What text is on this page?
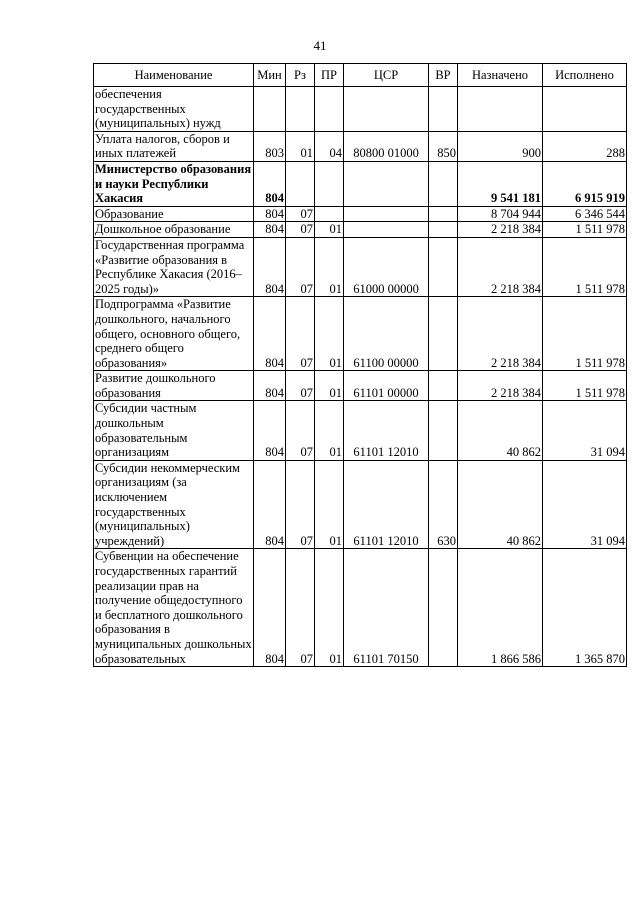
41
Наименование	Мин	Рз	ПР	ЦСР	ВР	Назначено	Исполнено
обеспечения государственных (муниципальных) нужд							
Уплата налогов, сборов и иных платежей	803	01	04	80800 01000	850	900	288
Министерство образования и науки Республики Хакасия	804					9 541 181	6 915 919
Образование	804	07				8 704 944	6 346 544
Дошкольное образование	804	07	01			2 218 384	1 511 978
Государственная программа «Развитие образования в Республике Хакасия (2016–2025 годы)»	804	07	01	61000 00000		2 218 384	1 511 978
Подпрограмма «Развитие дошкольного, начального общего, основного общего, среднего общего образования»	804	07	01	61100 00000		2 218 384	1 511 978
Развитие дошкольного образования	804	07	01	61101 00000		2 218 384	1 511 978
Субсидии частным дошкольным образовательным организациям	804	07	01	61101 12010		40 862	31 094
Субсидии некоммерческим организациям (за исключением государственных (муниципальных) учреждений)	804	07	01	61101 12010	630	40 862	31 094
Субвенции на обеспечение государственных гарантий реализации прав на получение общедоступного и бесплатного дошкольного образования в муниципальных дошкольных образовательных	804	07	01	61101 70150		1 866 586	1 365 870
